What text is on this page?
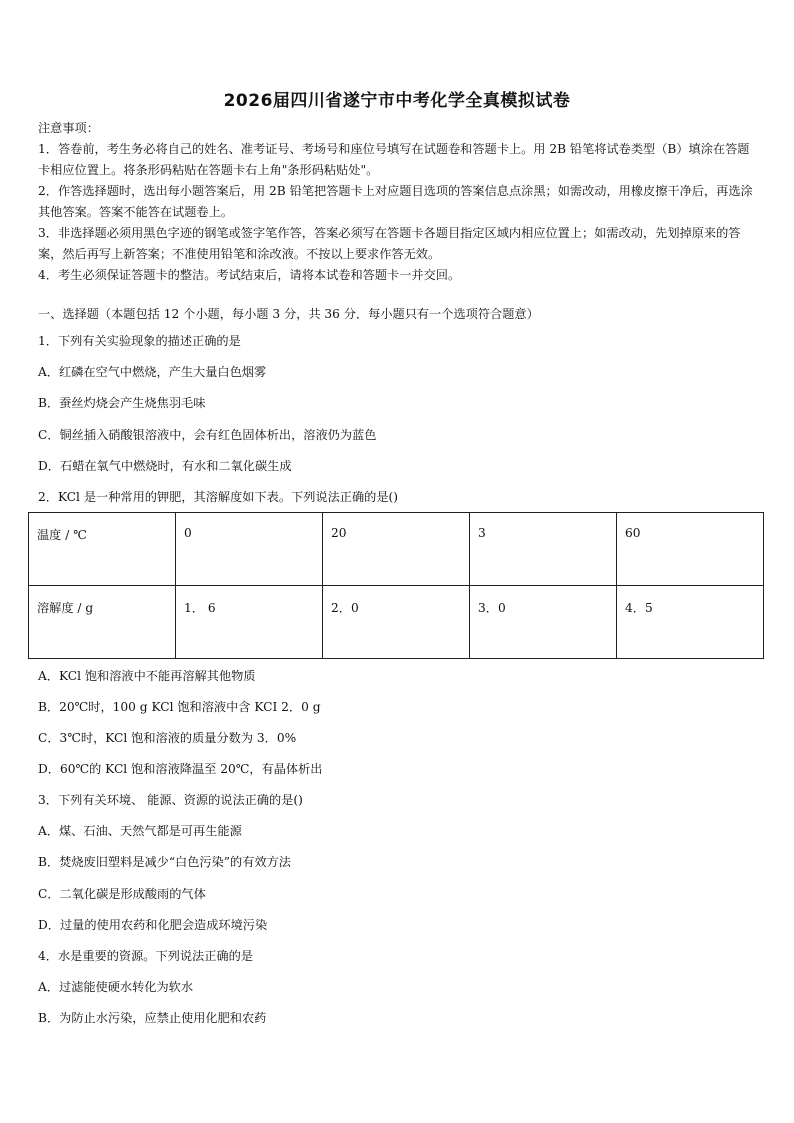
2026届四川省遂宁市中考化学全真模拟试卷

注意事项：

1．答卷前，考生务必将自己的姓名、准考证号、考场号和座位号填写在试题卷和答题卡上。用 2B 铅笔将试卷类型（B）填涂在答题卡相应位置上。将条形码粘贴在答题卡右上角"条形码粘贴处"。

2．作答选择题时，选出每小题答案后，用 2B 铅笔把答题卡上对应题目选项的答案信息点涂黑；如需改动，用橡皮擦干净后，再选涂其他答案。答案不能答在试题卷上。

3．非选择题必须用黑色字迹的钢笔或签字笔作答，答案必须写在答题卡各题目指定区域内相应位置上；如需改动，先划掉原来的答案，然后再写上新答案；不准使用铅笔和涂改液。不按以上要求作答无效。

4．考生必须保证答题卡的整洁。考试结束后，请将本试卷和答题卡一并交回。

一、选择题（本题包括 12 个小题，每小题 3 分，共 36 分．每小题只有一个选项符合题意）
1．下列有关实验现象的描述正确的是
A．红磷在空气中燃烧，产生大量白色烟雾
B．蚕丝灼烧会产生烧焦羽毛味
C．铜丝插入硝酸银溶液中，会有红色固体析出，溶液仍为蓝色
D．石蜡在氧气中燃烧时，有水和二氧化碳生成
2．KCl 是一种常用的钾肥，其溶解度如下表。下列说法正确的是()
温度 / ℃	0	20	3	60
溶解度 / g	1． 6	2．0	3．0	4．5
A．KCl 饱和溶液中不能再溶解其他物质
B．20℃时，100 g KCl 饱和溶液中含 KCI 2．0 g
C．3℃时，KCl 饱和溶液的质量分数为 3．0%
D．60℃的 KCl 饱和溶液降温至 20℃，有晶体析出
3．下列有关环境、 能源、资源的说法正确的是()
A．煤、石油、天然气都是可再生能源
B．焚烧废旧塑料是减少“白色污染”的有效方法
C．二氧化碳是形成酸雨的气体
D．过量的使用农药和化肥会造成环境污染
4．水是重要的资源。下列说法正确的是
A．过滤能使硬水转化为软水
B．为防止水污染，应禁止使用化肥和农药
